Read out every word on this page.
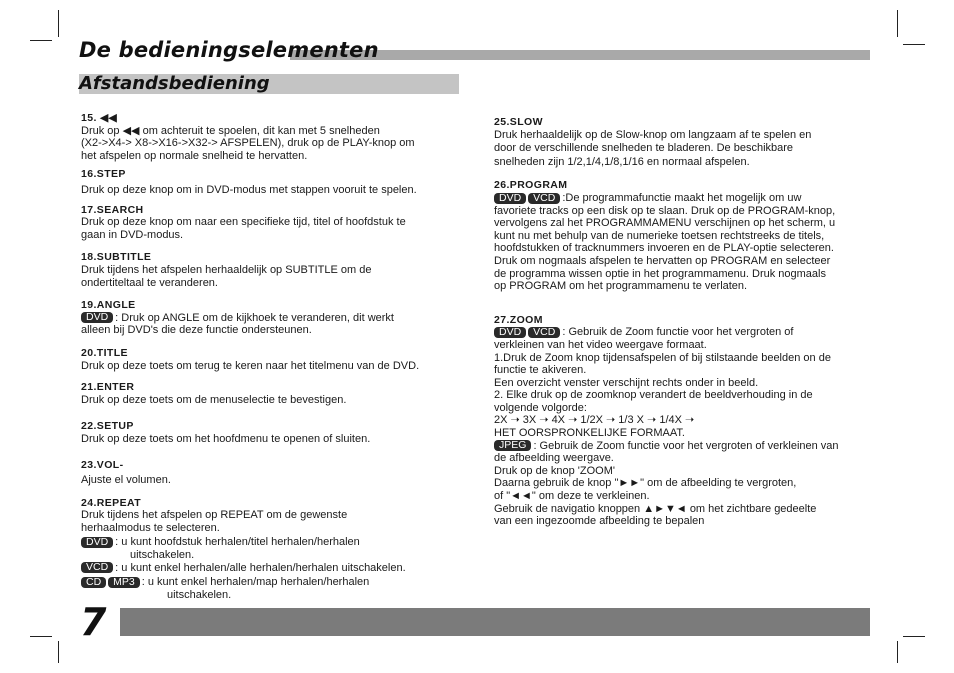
De bedieningselementen
Afstandsbediening

15. ◀◀

Druk op ◀◀ om achteruit te spoelen, dit kan met 5 snelheden

(X2->X4-> X8->X16->X32-> AFSPELEN), druk op de PLAY-knop om

het afspelen op normale snelheid te hervatten.

16.STEP

Druk op deze knop om in DVD-modus met stappen vooruit te spelen.

17.SEARCH

Druk op deze knop om naar een specifieke tijd, titel of hoofdstuk te

gaan in DVD-modus.

18.SUBTITLE

Druk tijdens het afspelen herhaaldelijk op SUBTITLE om de

ondertiteltaal te veranderen.

19.ANGLE

DVD : Druk op ANGLE om de kijkhoek te veranderen, dit werkt

alleen bij DVD's die deze functie ondersteunen.

20.TITLE

Druk op deze toets om terug te keren naar het titelmenu van de DVD.

21.ENTER

Druk op deze toets om de menuselectie te bevestigen.

22.SETUP

Druk op deze toets om het hoofdmenu te openen of sluiten.

23.VOL-

Ajuste el volumen.

24.REPEAT

Druk tijdens het afspelen op REPEAT om de gewenste

herhaalmodus te selecteren.

DVD : u kunt hoofdstuk herhalen/titel herhalen/herhalen

uitschakelen.

VCD : u kunt enkel herhalen/alle herhalen/herhalen uitschakelen.

CD MP3 : u kunt enkel herhalen/map herhalen/herhalen

uitschakelen.

25.SLOW

Druk herhaaldelijk op de Slow-knop om langzaam af te spelen en

door de verschillende snelheden te bladeren. De beschikbare

snelheden zijn 1/2,1/4,1/8,1/16 en normaal afspelen.

26.PROGRAM

DVD VCD :De programmafunctie maakt het mogelijk om uw

favoriete tracks op een disk op te slaan. Druk op de PROGRAM-knop,

vervolgens zal het PROGRAMMAMENU verschijnen op het scherm, u

kunt nu met behulp van de numerieke toetsen rechtstreeks de titels,

hoofdstukken of tracknummers invoeren en de PLAY-optie selecteren.

Druk om nogmaals afspelen te hervatten op PROGRAM en selecteer

de programma wissen optie in het programmamenu. Druk nogmaals

op PROGRAM om het programmamenu te verlaten.

27.ZOOM

DVD VCD : Gebruik de Zoom functie voor het vergroten of

verkleinen van het video weergave formaat.

1.Druk de Zoom knop tijdensafspelen of bij stilstaande beelden on de

functie te akiveren.

Een overzicht venster verschijnt rechts onder in beeld.

2. Elke druk op de zoomknop verandert de beeldverhouding in de

volgende volgorde:

2X ➝ 3X ➝ 4X ➝ 1/2X ➝ 1/3 X ➝ 1/4X ➝

HET OORSPRONKELIJKE FORMAAT.

JPEG : Gebruik de Zoom functie voor het vergroten of verkleinen van

de afbeelding weergave.

Druk op de knop 'ZOOM'

Daarna gebruik de knop "►►" om de afbeelding te vergroten,

of "◄◄" om deze te verkleinen.

Gebruik de navigatio knoppen ▲►▼◄ om het zichtbare gedeelte

van een ingezoomde afbeelding te bepalen

7
